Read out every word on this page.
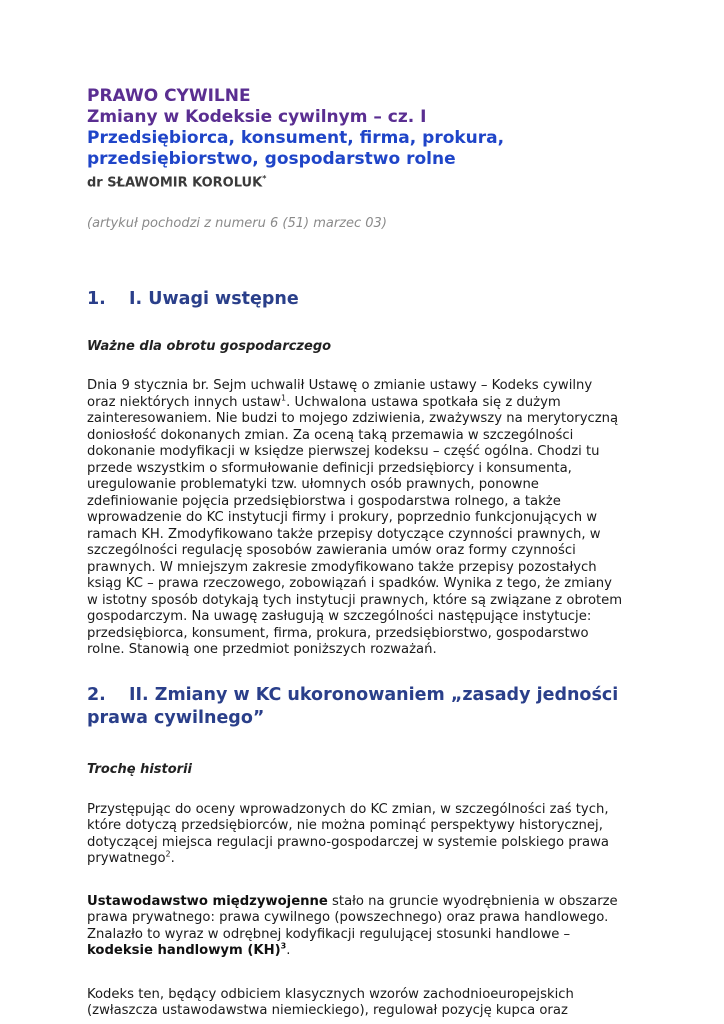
PRAWO CYWILNE

Zmiany w Kodeksie cywilnym – cz. I

Przedsiębiorca, konsument, firma, prokura,

przedsiębiorstwo, gospodarstwo rolne

dr SŁAWOMIR KOROLUK*

(artykuł pochodzi z numeru 6 (51) marzec 03)
1. I. Uwagi wstępne
Ważne dla obrotu gospodarczego
Dnia 9 stycznia br. Sejm uchwalił Ustawę o zmianie ustawy – Kodeks cywilny
oraz niektórych innych ustaw$^1$. Uchwalona ustawa spotkała się z dużym
zainteresowaniem. Nie budzi to mojego zdziwienia, zważywszy na merytoryczną
doniosłość dokonanych zmian. Za oceną taką przemawia w szczególności
dokonanie modyfikacji w księdze pierwszej kodeksu – część ogólna. Chodzi tu
przede wszystkim o sformułowanie definicji przedsiębiorcy i konsumenta,
uregulowanie problematyki tzw. ułomnych osób prawnych, ponowne
zdefiniowanie pojęcia przedsiębiorstwa i gospodarstwa rolnego, a także
wprowadzenie do KC instytucji firmy i prokury, poprzednio funkcjonujących w
ramach KH. Zmodyfikowano także przepisy dotyczące czynności prawnych, w
szczególności regulację sposobów zawierania umów oraz formy czynności
prawnych. W mniejszym zakresie zmodyfikowano także przepisy pozostałych
ksiąg KC – prawa rzeczowego, zobowiązań i spadków. Wynika z tego, że zmiany
w istotny sposób dotykają tych instytucji prawnych, które są związane z obrotem
gospodarczym. Na uwagę zasługują w szczególności następujące instytucje:
przedsiębiorca, konsument, firma, prokura, przedsiębiorstwo, gospodarstwo
rolne. Stanowią one przedmiot poniższych rozważań.
2. II. Zmiany w KC ukoronowaniem „zasady jedności
prawa cywilnego”
Trochę historii
Przystępując do oceny wprowadzonych do KC zmian, w szczególności zaś tych,
które dotyczą przedsiębiorców, nie można pominąć perspektywy historycznej,
dotyczącej miejsca regulacji prawno-gospodarczej w systemie polskiego prawa
prywatnego$^2$.
Ustawodawstwo międzywojenne stało na gruncie wyodrębnienia w obszarze
prawa prywatnego: prawa cywilnego (powszechnego) oraz prawa handlowego.
Znalazło to wyraz w odrębnej kodyfikacji regulującej stosunki handlowe –
kodeksie handlowym (KH)$^3$.
Kodeks ten, będący odbiciem klasycznych wzorów zachodnioeuropejskich
(zwłaszcza ustawodawstwa niemieckiego), regulował pozycję kupca oraz
